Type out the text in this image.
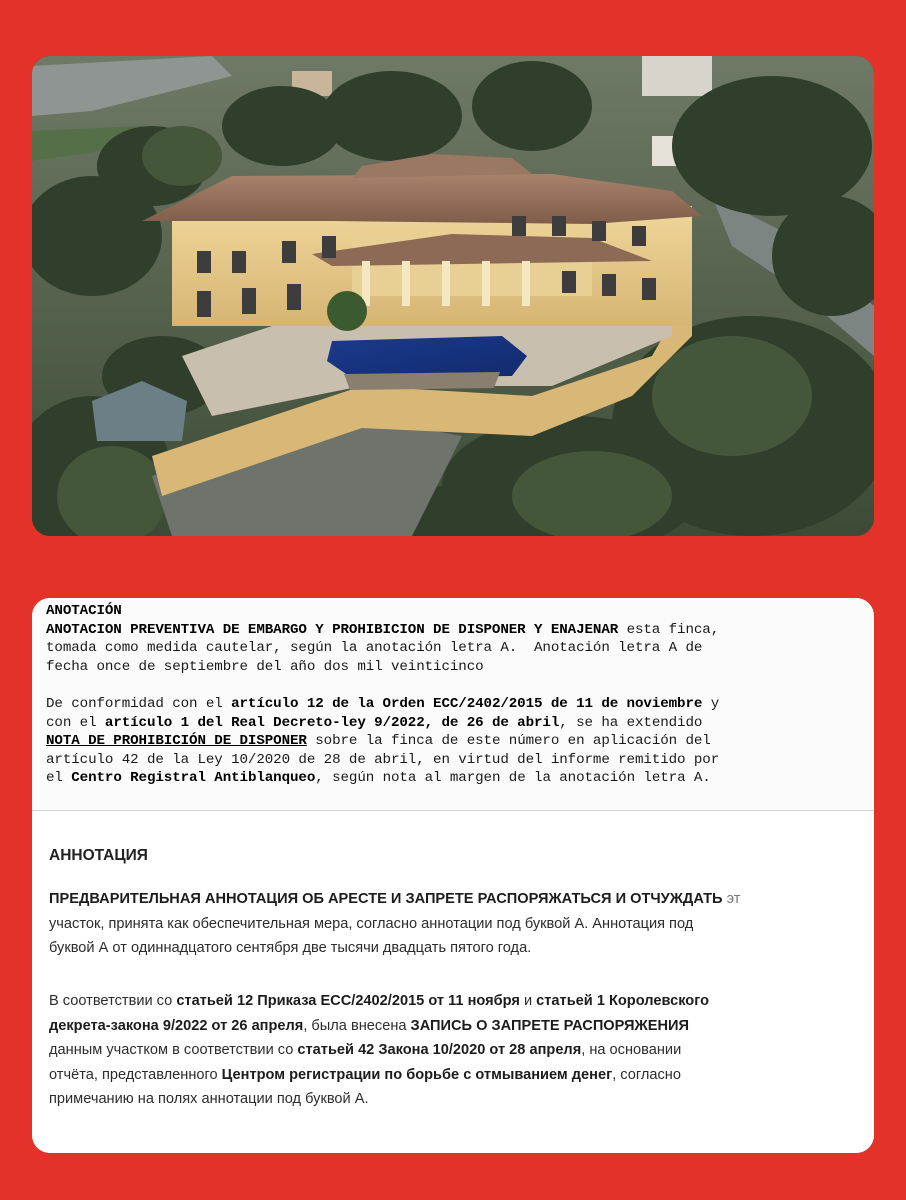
ANOTACIÓN
ANOTACION PREVENTIVA DE EMBARGO Y PROHIBICION DE DISPONER Y ENAJENAR esta finca,
tomada como medida cautelar, según la anotación letra A.  Anotación letra A de
fecha once de septiembre del año dos mil veinticinco

De conformidad con el artículo 12 de la Orden ECC/2402/2015 de 11 de noviembre y
con el artículo 1 del Real Decreto-ley 9/2022, de 26 de abril, se ha extendido
NOTA DE PROHIBICIÓN DE DISPONER sobre la finca de este número en aplicación del
artículo 42 de la Ley 10/2020 de 28 de abril, en virtud del informe remitido por
el Centro Registral Antiblanqueo, según nota al margen de la anotación letra A.
АННОТАЦИЯ
ПРЕДВАРИТЕЛЬНАЯ АННОТАЦИЯ ОБ АРЕСТЕ И ЗАПРЕТЕ РАСПОРЯЖАТЬСЯ И ОТЧУЖДАТЬ эт
участок, принята как обеспечительная мера, согласно аннотации под буквой А. Аннотация под
буквой А от одиннадцатого сентября две тысячи двадцать пятого года.
В соответствии со статьей 12 Приказа ЕСС/2402/2015 от 11 ноября и статьей 1 Королевского
декрета-закона 9/2022 от 26 апреля, была внесена ЗАПИСЬ О ЗАПРЕТЕ РАСПОРЯЖЕНИЯ
данным участком в соответствии со статьей 42 Закона 10/2020 от 28 апреля, на основании
отчёта, представленного Центром регистрации по борьбе с отмыванием денег, согласно
примечанию на полях аннотации под буквой А.
